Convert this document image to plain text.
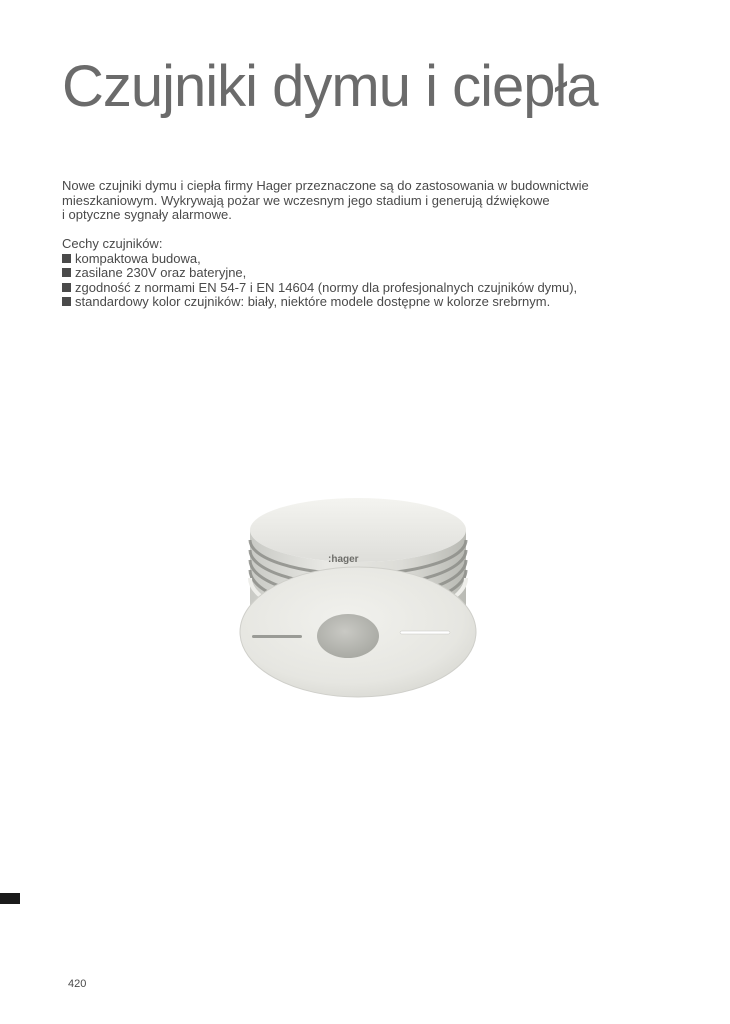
Czujniki dymu i ciepła
Nowe czujniki dymu i ciepła firmy Hager przeznaczone są do zastosowania w budownictwie
mieszkaniowym. Wykrywają pożar we wczesnym jego stadium i generują dźwiękowe
i optyczne sygnały alarmowe.
Cechy czujników:
kompaktowa budowa,
zasilane 230V oraz bateryjne,
zgodność z normami EN 54-7 i EN 14604 (normy dla profesjonalnych czujników dymu),
standardowy kolor czujników: biały, niektóre modele dostępne w kolorze srebrnym.
:hager
420
